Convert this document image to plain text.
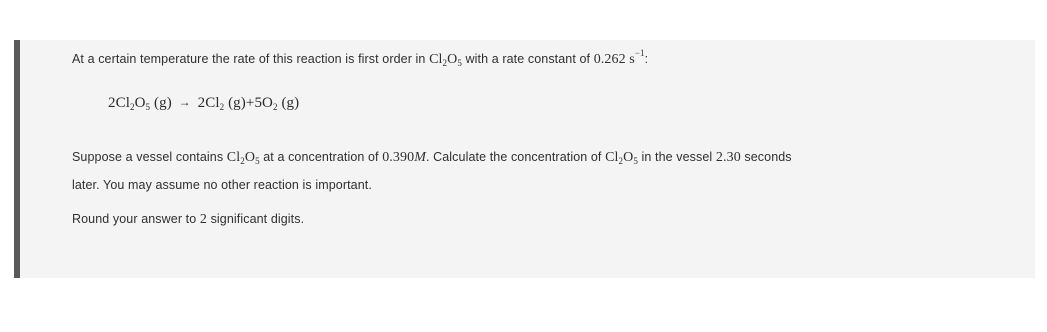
At a certain temperature the rate of this reaction is first order in $Cl_2O_5$ with a rate constant of 0.262 $s^{-1}$:
$2Cl_2O_5$ $(g) \to 2Cl_2$ $(g)+5O_2$ (g)
Suppose a vessel contains $Cl_2O_5$ at a concentration of 0.390M. Calculate the concentration of $Cl_2O_5$ in the vessel 2.30 seconds
later. You may assume no other reaction is important.
Round your answer to 2 significant digits.
